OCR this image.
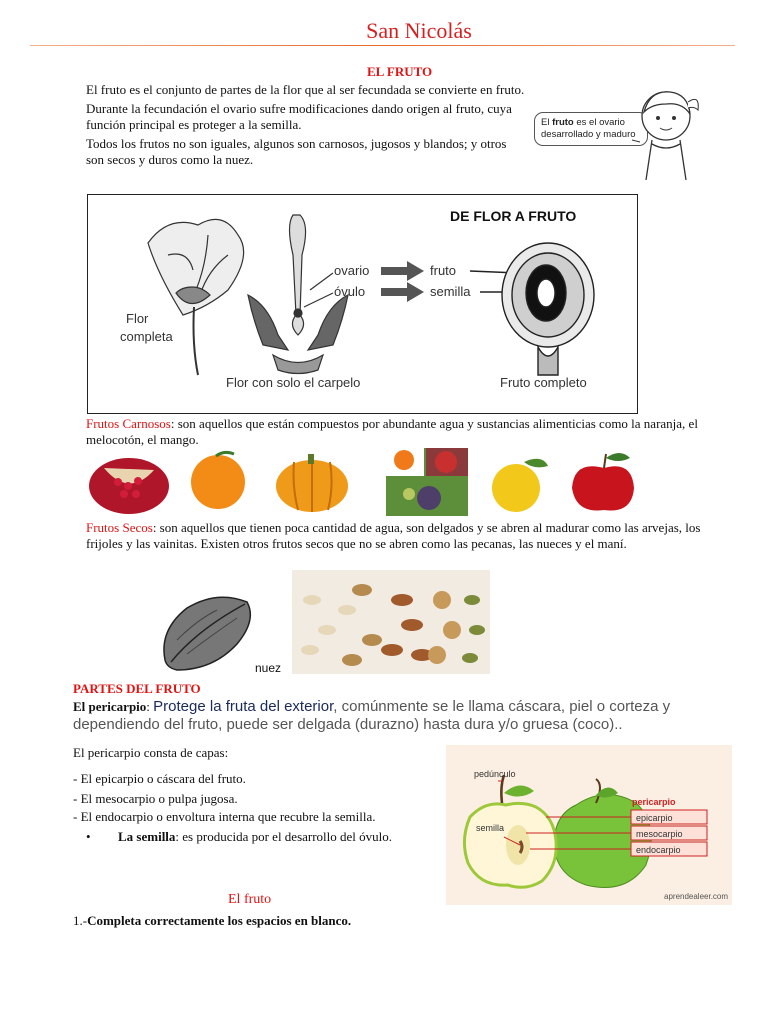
San Nicolás
EL FRUTO
El fruto es el conjunto de partes de la flor que al ser fecundada se convierte en fruto.
Durante la fecundación el ovario sufre modificaciones dando origen al fruto, cuya función principal es proteger a la semilla.
Todos los frutos no son iguales, algunos son carnosos, jugosos y blandos; y otros son secos y duros como la nuez.
El fruto es el ovario desarrollado y maduro
DE FLOR A FRUTO
Flor
completa
ovario
óvulo
fruto
semilla
Flor con solo el carpelo	Fruto completo
Frutos Carnosos: son aquellos que están compuestos por abundante agua y sustancias alimenticias como la naranja, el melocotón, el mango.
Frutos Secos: son aquellos que tienen poca cantidad de agua, son delgados y se abren al madurar como las arvejas, los frijoles y las vainitas. Existen otros frutos secos que no se abren como las pecanas, las nueces y el maní.
nuez
PARTES DEL FRUTO
El pericarpio: Protege la fruta del exterior, comúnmente se le llama cáscara, piel o corteza y dependiendo del fruto, puede ser delgada (durazno) hasta dura y/o gruesa (coco)..
El pericarpio consta de capas:
- El epicarpio o cáscara del fruto.
- El mesocarpio o pulpa jugosa.
- El endocarpio o envoltura interna que recubre la semilla.
• La semilla: es producida por el desarrollo del óvulo.
pedúnculo
semilla
pericarpio
epicarpio
mesocarpio
endocarpio
aprendealeer.com
El fruto
1.-Completa correctamente los espacios en blanco.
